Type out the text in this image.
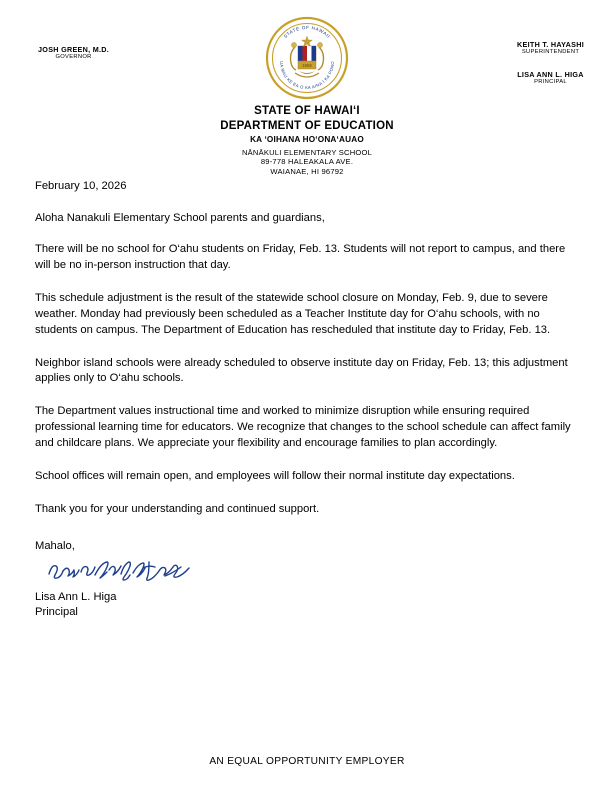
JOSH GREEN, M.D.
GOVERNOR
KEITH T. HAYASHI
SUPERINTENDENT
LISA ANN L. HIGA
PRINCIPAL
STATE OF HAWAII
UA MAU KE EA O KA AINA I KA PONO
1959
STATE OF HAWAI‘I
DEPARTMENT OF EDUCATION
KA ‘OIHANA HO‘ONA‘AUAO
NĀNĀKULI ELEMENTARY SCHOOL
89-778 HALEAKALA AVE.
WAIANAE, HI 96792
February 10, 2026
Aloha Nanakuli Elementary School parents and guardians,

There will be no school for O‘ahu students on Friday, Feb. 13. Students will not report to campus, and there will be no in-person instruction that day.

This schedule adjustment is the result of the statewide school closure on Monday, Feb. 9, due to severe weather. Monday had previously been scheduled as a Teacher Institute day for O‘ahu schools, with no students on campus. The Department of Education has rescheduled that institute day to Friday, Feb. 13.

Neighbor island schools were already scheduled to observe institute day on Friday, Feb. 13; this adjustment applies only to O‘ahu schools.

The Department values instructional time and worked to minimize disruption while ensuring required professional learning time for educators. We recognize that changes to the school schedule can affect family and childcare plans. We appreciate your flexibility and encourage families to plan accordingly.

School offices will remain open, and employees will follow their normal institute day expectations.

Thank you for your understanding and continued support.

Mahalo,
Lisa Ann L. Higa
Principal
AN EQUAL OPPORTUNITY EMPLOYER
